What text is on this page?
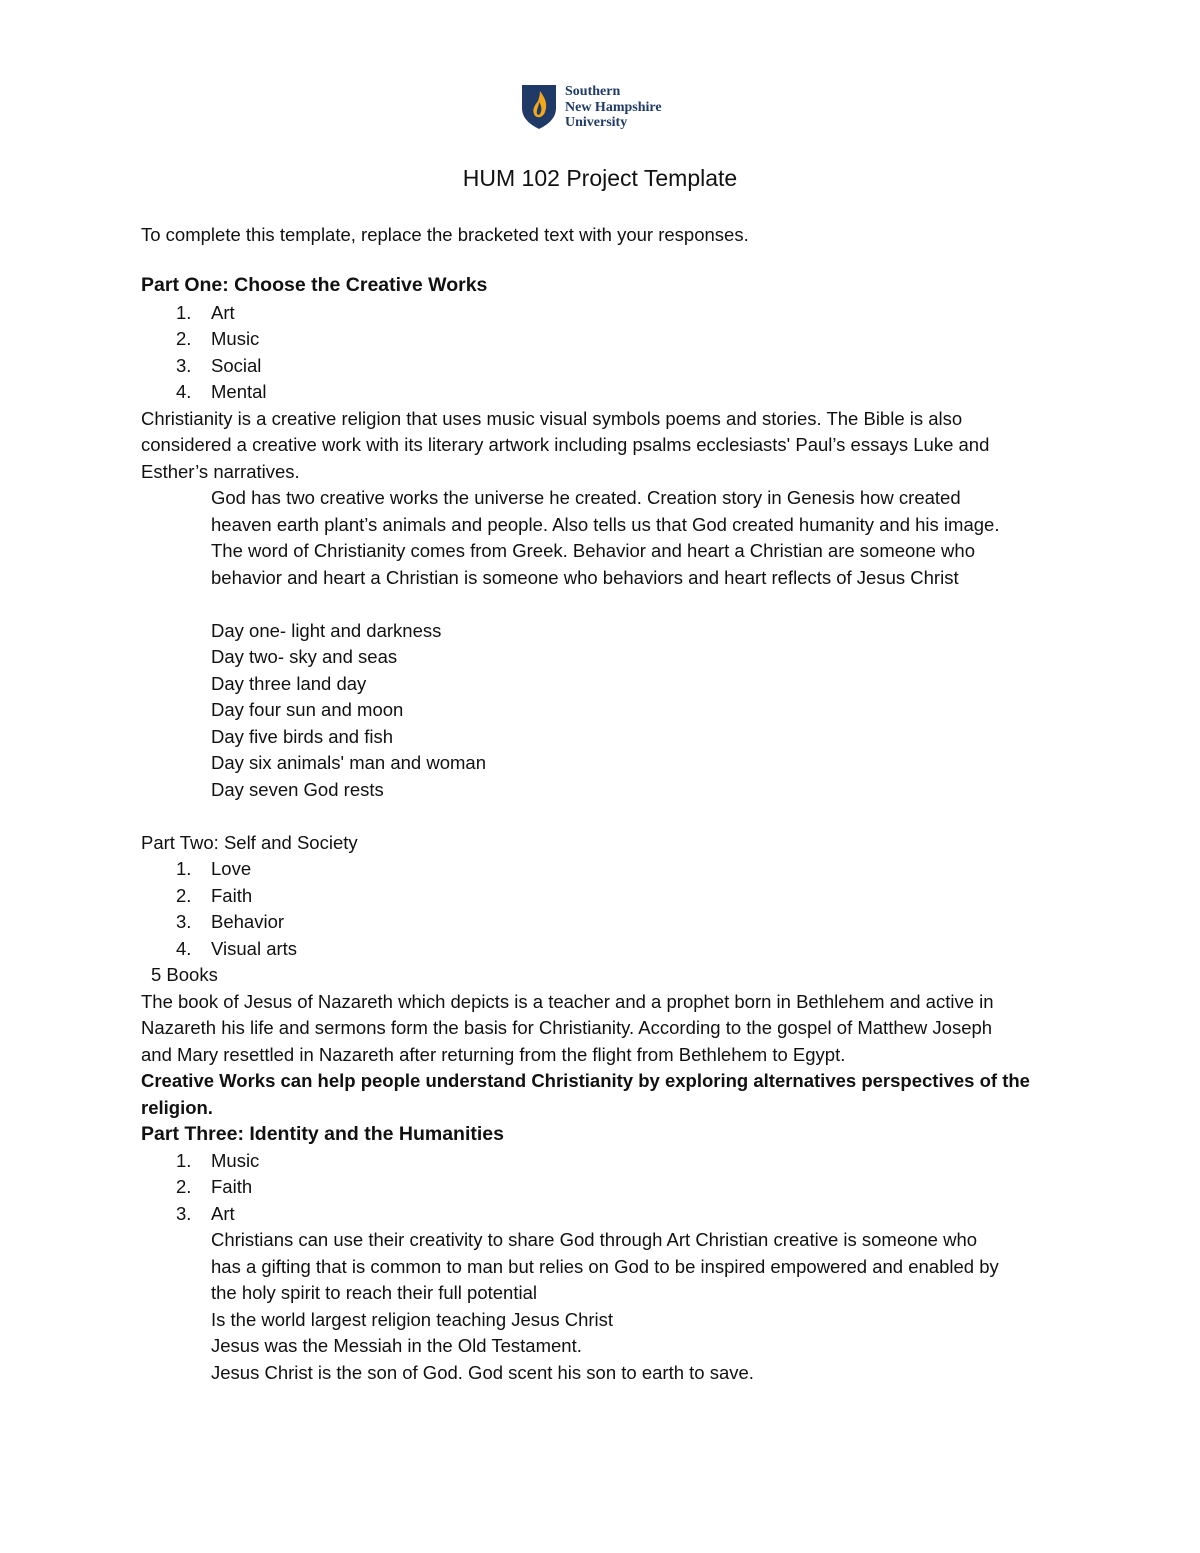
Southern
New Hampshire
University
HUM 102 Project Template
To complete this template, replace the bracketed text with your responses.
Part One: Choose the Creative Works
1. Art
2. Music
3. Social
4. Mental
Christianity is a creative religion that uses music visual symbols poems and stories. The Bible is also
considered a creative work with its literary artwork including psalms ecclesiasts' Paul’s essays Luke and
Esther’s narratives.
God has two creative works the universe he created. Creation story in Genesis how created
heaven earth plant’s animals and people. Also tells us that God created humanity and his image.
The word of Christianity comes from Greek. Behavior and heart a Christian are someone who
behavior and heart a Christian is someone who behaviors and heart reflects of Jesus Christ
Day one- light and darkness
Day two- sky and seas
Day three land day
Day four sun and moon
Day five birds and fish
Day six animals' man and woman
Day seven God rests
Part Two: Self and Society
1. Love
2. Faith
3. Behavior
4. Visual arts
5 Books
The book of Jesus of Nazareth which depicts is a teacher and a prophet born in Bethlehem and active in
Nazareth his life and sermons form the basis for Christianity. According to the gospel of Matthew Joseph
and Mary resettled in Nazareth after returning from the flight from Bethlehem to Egypt.
Creative Works can help people understand Christianity by exploring alternatives perspectives of the
religion.
Part Three: Identity and the Humanities
1. Music
2. Faith
3. Art
Christians can use their creativity to share God through Art Christian creative is someone who
has a gifting that is common to man but relies on God to be inspired empowered and enabled by
the holy spirit to reach their full potential
Is the world largest religion teaching Jesus Christ
Jesus was the Messiah in the Old Testament.
Jesus Christ is the son of God. God scent his son to earth to save.
